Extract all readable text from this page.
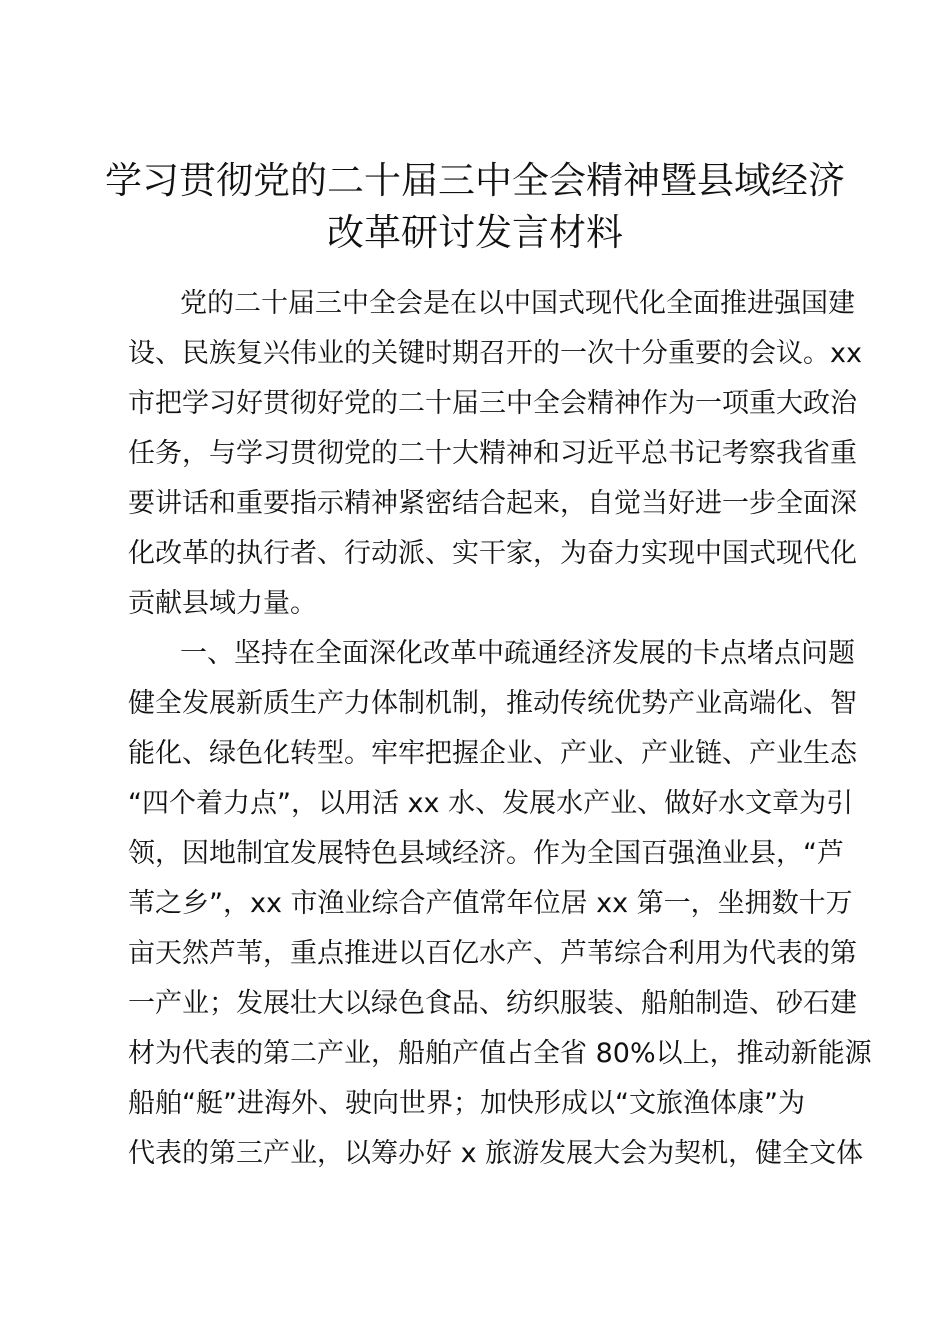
学习贯彻党的二十届三中全会精神暨县域经济
改革研讨发言材料
党的二十届三中全会是在以中国式现代化全面推进强国建
设、民族复兴伟业的关键时期召开的一次十分重要的会议。xx
市把学习好贯彻好党的二十届三中全会精神作为一项重大政治
任务，与学习贯彻党的二十大精神和习近平总书记考察我省重
要讲话和重要指示精神紧密结合起来，自觉当好进一步全面深
化改革的执行者、行动派、实干家，为奋力实现中国式现代化
贡献县域力量。
一、坚持在全面深化改革中疏通经济发展的卡点堵点问题
健全发展新质生产力体制机制，推动传统优势产业高端化、智
能化、绿色化转型。牢牢把握企业、产业、产业链、产业生态
“四个着力点”，以用活 xx 水、发展水产业、做好水文章为引
领，因地制宜发展特色县域经济。作为全国百强渔业县，“芦
苇之乡”，xx 市渔业综合产值常年位居 xx 第一，坐拥数十万
亩天然芦苇，重点推进以百亿水产、芦苇综合利用为代表的第
一产业；发展壮大以绿色食品、纺织服装、船舶制造、砂石建
材为代表的第二产业，船舶产值占全省 80%以上，推动新能源
船舶“艇”进海外、驶向世界；加快形成以“文旅渔体康”为
代表的第三产业，以筹办好 x 旅游发展大会为契机，健全文体
